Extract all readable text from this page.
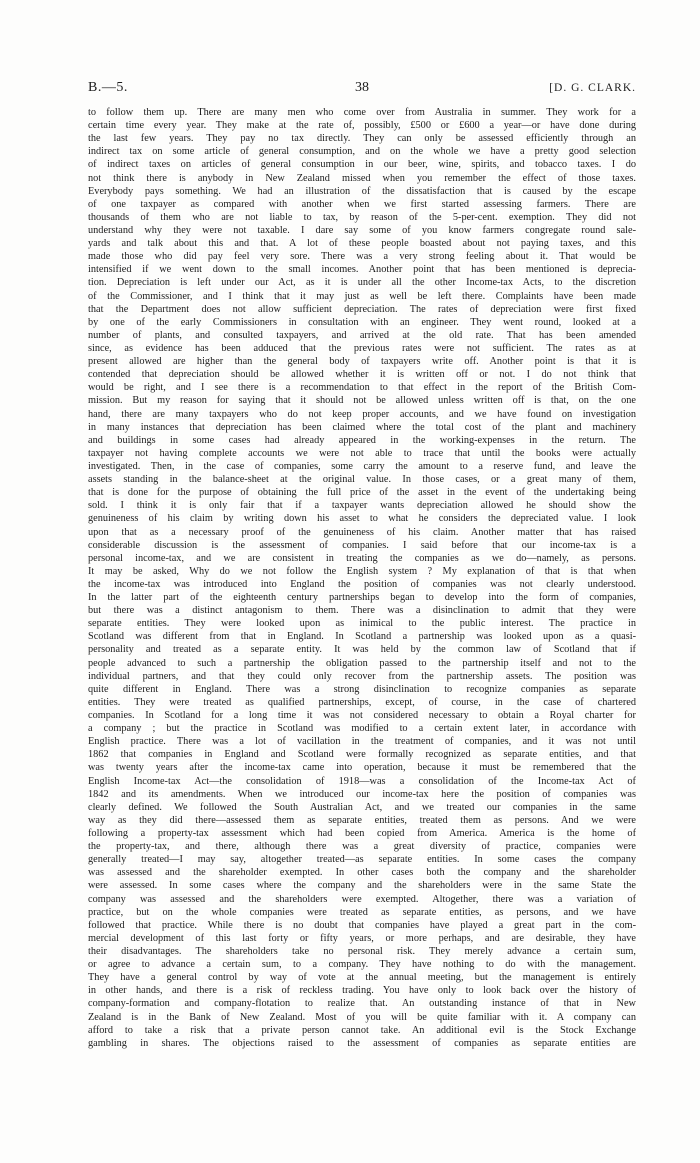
B.—5.	38	[D. G. CLARK.
to follow them up. There are many men who come over from Australia in summer. They work for a
certain time every year. They make at the rate of, possibly, £500 or £600 a year—or have done during
the last few years. They pay no tax directly. They can only be assessed efficiently through an
indirect tax on some article of general consumption, and on the whole we have a pretty good selection
of indirect taxes on articles of general consumption in our beer, wine, spirits, and tobacco taxes. I do
not think there is anybody in New Zealand missed when you remember the effect of those taxes.
Everybody pays something. We had an illustration of the dissatisfaction that is caused by the escape
of one taxpayer as compared with another when we first started assessing farmers. There are
thousands of them who are not liable to tax, by reason of the 5-per-cent. exemption. They did not
understand why they were not taxable. I dare say some of you know farmers congregate round sale-
yards and talk about this and that. A lot of these people boasted about not paying taxes, and this
made those who did pay feel very sore. There was a very strong feeling about it. That would be
intensified if we went down to the small incomes. Another point that has been mentioned is deprecia-
tion. Depreciation is left under our Act, as it is under all the other Income-tax Acts, to the discretion
of the Commissioner, and I think that it may just as well be left there. Complaints have been made
that the Department does not allow sufficient depreciation. The rates of depreciation were first fixed
by one of the early Commissioners in consultation with an engineer. They went round, looked at a
number of plants, and consulted taxpayers, and arrived at the old rate. That has been amended
since, as evidence has been adduced that the previous rates were not sufficient. The rates as at
present allowed are higher than the general body of taxpayers write off. Another point is that it is
contended that depreciation should be allowed whether it is written off or not. I do not think that
would be right, and I see there is a recommendation to that effect in the report of the British Com-
mission. But my reason for saying that it should not be allowed unless written off is that, on the one
hand, there are many taxpayers who do not keep proper accounts, and we have found on investigation
in many instances that depreciation has been claimed where the total cost of the plant and machinery
and buildings in some cases had already appeared in the working-expenses in the return. The
taxpayer not having complete accounts we were not able to trace that until the books were actually
investigated. Then, in the case of companies, some carry the amount to a reserve fund, and leave the
assets standing in the balance-sheet at the original value. In those cases, or a great many of them,
that is done for the purpose of obtaining the full price of the asset in the event of the undertaking being
sold. I think it is only fair that if a taxpayer wants depreciation allowed he should show the
genuineness of his claim by writing down his asset to what he considers the depreciated value. I look
upon that as a necessary proof of the genuineness of his claim. Another matter that has raised
considerable discussion is the assessment of companies. I said before that our income-tax is a
personal income-tax, and we are consistent in treating the companies as we do—namely, as persons.
It may be asked, Why do we not follow the English system ? My explanation of that is that when
the income-tax was introduced into England the position of companies was not clearly understood.
In the latter part of the eighteenth century partnerships began to develop into the form of companies,
but there was a distinct antagonism to them. There was a disinclination to admit that they were
separate entities. They were looked upon as inimical to the public interest. The practice in
Scotland was different from that in England. In Scotland a partnership was looked upon as a quasi-
personality and treated as a separate entity. It was held by the common law of Scotland that if
people advanced to such a partnership the obligation passed to the partnership itself and not to the
individual partners, and that they could only recover from the partnership assets. The position was
quite different in England. There was a strong disinclination to recognize companies as separate
entities. They were treated as qualified partnerships, except, of course, in the case of chartered
companies. In Scotland for a long time it was not considered necessary to obtain a Royal charter for
a company ; but the practice in Scotland was modified to a certain extent later, in accordance with
English practice. There was a lot of vacillation in the treatment of companies, and it was not until
1862 that companies in England and Scotland were formally recognized as separate entities, and that
was twenty years after the income-tax came into operation, because it must be remembered that the
English Income-tax Act—the consolidation of 1918—was a consolidation of the Income-tax Act of
1842 and its amendments. When we introduced our income-tax here the position of companies was
clearly defined. We followed the South Australian Act, and we treated our companies in the same
way as they did there—assessed them as separate entities, treated them as persons. And we were
following a property-tax assessment which had been copied from America. America is the home of
the property-tax, and there, although there was a great diversity of practice, companies were
generally treated—I may say, altogether treated—as separate entities. In some cases the company
was assessed and the shareholder exempted. In other cases both the company and the shareholder
were assessed. In some cases where the company and the shareholders were in the same State the
company was assessed and the shareholders were exempted. Altogether, there was a variation of
practice, but on the whole companies were treated as separate entities, as persons, and we have
followed that practice. While there is no doubt that companies have played a great part in the com-
mercial development of this last forty or fifty years, or more perhaps, and are desirable, they have
their disadvantages. The shareholders take no personal risk. They merely advance a certain sum,
or agree to advance a certain sum, to a company. They have nothing to do with the management.
They have a general control by way of vote at the annual meeting, but the management is entirely
in other hands, and there is a risk of reckless trading. You have only to look back over the history of
company-formation and company-flotation to realize that. An outstanding instance of that in New
Zealand is in the Bank of New Zealand. Most of you will be quite familiar with it. A company can
afford to take a risk that a private person cannot take. An additional evil is the Stock Exchange
gambling in shares. The objections raised to the assessment of companies as separate entities are
